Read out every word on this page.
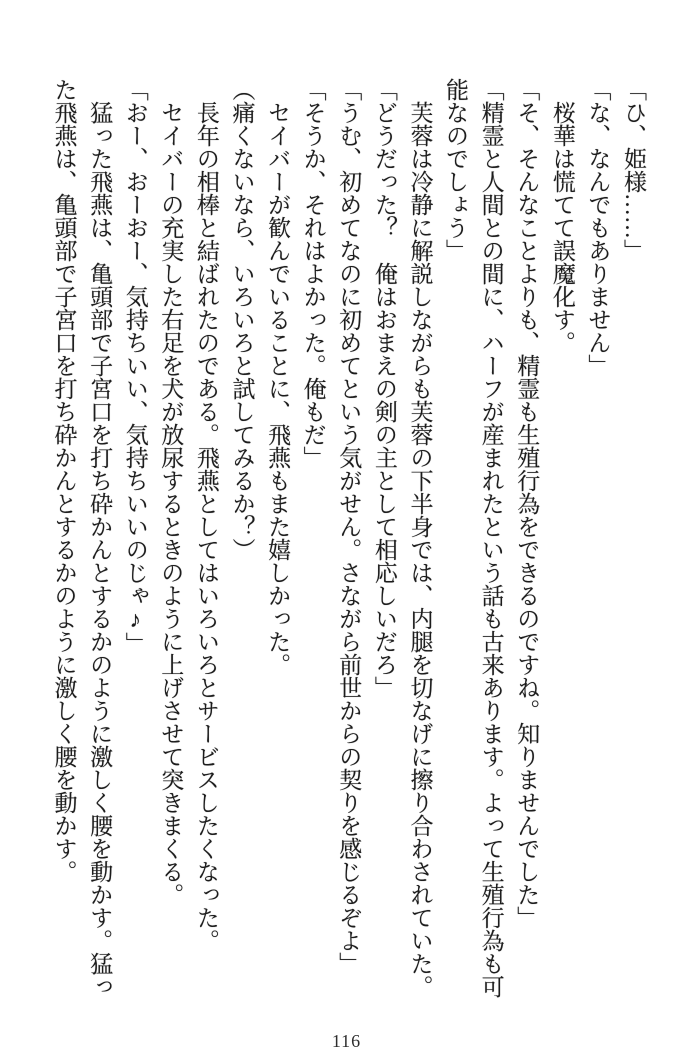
「ひ、姫様……」

「な、なんでもありません」

桜華は慌てて誤魔化す。

「そ、そんなことよりも、精霊も生殖行為をできるのですね。知りませんでした」

「精霊と人間との間に、ハーフが産まれたという話も古来あります。よって生殖行為も可能なのでしょう」

芙蓉は冷静に解説しながらも芙蓉の下半身では、内腿を切なげに擦り合わされていた。

「どうだった？　俺はおまえの剣の主として相応しいだろ」

「うむ、初めてなのに初めてという気がせん。さながら前世からの契りを感じるぞよ」

「そうか、それはよかった。俺もだ」

セイバーが歓んでいることに、飛燕もまた嬉しかった。

（痛くないなら、いろいろと試してみるか？）

長年の相棒と結ばれたのである。飛燕としてはいろいろとサービスしたくなった。

セイバーの充実した右足を犬が放尿するときのように上げさせて突きまくる。

「おー、おーおー、気持ちいい、気持ちいいのじゃ♪」

猛った飛燕は、亀頭部で子宮口を打ち砕かんとするかのように激しく腰を動かす。猛った飛燕は、亀頭部で子宮口を打ち砕かんとするかのように激しく腰を動かす。

116
